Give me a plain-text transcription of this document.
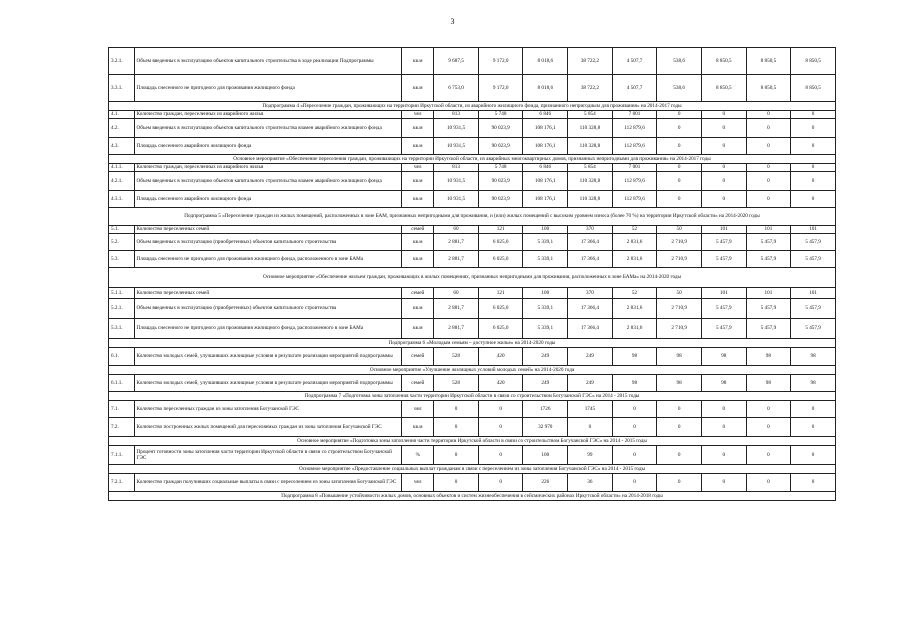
3
3.2.1.	Объем введенных в эксплуатацию объектов капитального строительства в ходе реализации Подпрограммы	кв.м	9 687,5	9 172,0	8 018,6	38 722,2	4 507,7	538,6	8 850,5	8 850,5	8 850,5
3.3.1.	Площадь снесенного не пригодного для проживания жилищного фонда	кв.м	6 753,0	9 172,0	8 018,6	38 722,2	4 507,7	538,6	8 850,5	8 850,5	8 850,5
Подпрограмма 4 «Переселение граждан, проживающих на территории Иркутской области, из аварийного жилищного фонда, признанного непригодным для проживания» на 2014-2017 годы											
4.1.	Количество граждан, переселенных из аварийного жилья	чел	813	5 748	6 846	5 854	7 001	0	0	0	0
4.2.	Объем введенных в эксплуатацию объектов капитального строительства взамен аварийного жилищного фонда	кв.м	10 931,5	90 023,9	108 176,1	110 328,8	112 879,6	0	0	0	0
4.3.	Площадь снесенного аварийного жилищного фонда	кв.м	10 931,5	90 023,9	108 176,1	110 328,8	112 879,6	0	0	0	0
Основное мероприятие «Обеспечение переселения граждан, проживающих на территории Иркутской области, из аварийных многоквартирных домов, признанных непригодными для проживания» на 2014-2017 годы											
4.1.1.	Количество граждан, переселенных из аварийного жилья	чел	813	5 748	6 846	5 854	7 001	0	0	0	0
4.2.1.	Объем введенных в эксплуатацию объектов капитального строительства взамен аварийного жилищного фонда	кв.м	10 931,5	90 023,9	108 176,1	110 328,8	112 879,6	0	0	0	0
4.3.1.	Площадь снесенного аварийного жилищного фонда	кв.м	10 931,5	90 023,9	108 176,1	110 328,8	112 879,6	0	0	0	0
Подпрограмма 5 «Переселение граждан из жилых помещений, расположенных в зоне БАМ, признанных непригодными для проживания, и (или) жилых помещений с высоким уровнем износа (более 70 %) на территории Иркутской области» на 2014-2020 годы											
5.1.	Количество переселенных семей	семей	60	121	100	370	52	50	101	101	101
5.2.	Объем введенных в эксплуатацию (приобретенных) объектов капитального строительства	кв.м	2 881,7	6 025,0	5 339,1	17 366,4	2 831,6	2 710,9	5 457,9	5 457,9	5 457,9
5.3.	Площадь снесенного не пригодного для проживания жилищного фонда, расположенного в зоне БАМа	кв.м	2 881,7	6 025,0	5 339,1	17 366,4	2 831,6	2 710,9	5 457,9	5 457,9	5 457,9
Основное мероприятие «Обеспечение жильем граждан, проживающих в жилых помещениях, признанных непригодными для проживания, расположенных в зоне БАМа» на 2014-2020 годы											
5.1.1.	Количество переселенных семей	семей	60	121	100	370	52	50	101	101	101
5.2.1.	Объем введенных в эксплуатацию (приобретенных) объектов капитального строительства	кв.м	2 881,7	6 025,0	5 339,1	17 366,4	2 831,6	2 710,9	5 457,9	5 457,9	5 457,9
5.3.1.	Площадь снесенного не пригодного для проживания жилищного фонда, расположенного в зоне БАМа	кв.м	2 881,7	6 025,0	5 339,1	17 366,4	2 831,6	2 710,9	5 457,9	5 457,9	5 457,9
Подпрограмма 6 «Молодым семьям – доступное жилье» на 2014-2020 годы											
6.1.	Количество молодых семей, улучшивших жилищные условия в результате реализации мероприятий подпрограммы	семей	528	420	249	249	98	98	98	98	98
Основное мероприятие «Улучшение жилищных условий молодых семей» на 2014-2020 года											
6.1.1.	Количество молодых семей, улучшивших жилищные условия в результате реализации мероприятий подпрограммы	семей	528	420	249	249	98	98	98	98	98
Подпрограмма 7 «Подготовка зоны затопления части территории Иркутской области в связи со строительством Богучанской ГЭС» на 2014 - 2015 годы											
7.1.	Количество переселенных граждан из зоны затопления Богучанской ГЭС	чел	0	0	1726	1745	0	0	0	0	0
7.2.	Количество построенных жилых помещений для переселяемых граждан из зоны затопления Богучанской ГЭС	кв.м	0	0	32 970	0	0	0	0	0	0
Основное мероприятие «Подготовка зоны затопления части территории Иркутской области в связи со строительством Богучанской ГЭС» на 2014 - 2015 годы											
7.1.1.	Процент готовности зоны затопления части территории Иркутской области в связи со строительством Богучанской ГЭС	%	0	0	100	99	0	0	0	0	0
Основное мероприятие «Предоставление социальных выплат гражданам в связи с переселением из зоны затопления Богучанской ГЭС» на 2014 - 2015 годы											
7.2.1.	Количество граждан получивших социальные выплаты в связи с переселением из зоны затопления Богучанской ГЭС	чел	0	0	226	36	0	0	0	0	0
Подпрограмма 8 «Повышение устойчивости жилых домов, основных объектов и систем жизнеобеспечения в сейсмических районах Иркутской области» на 2014-2018 годы											
